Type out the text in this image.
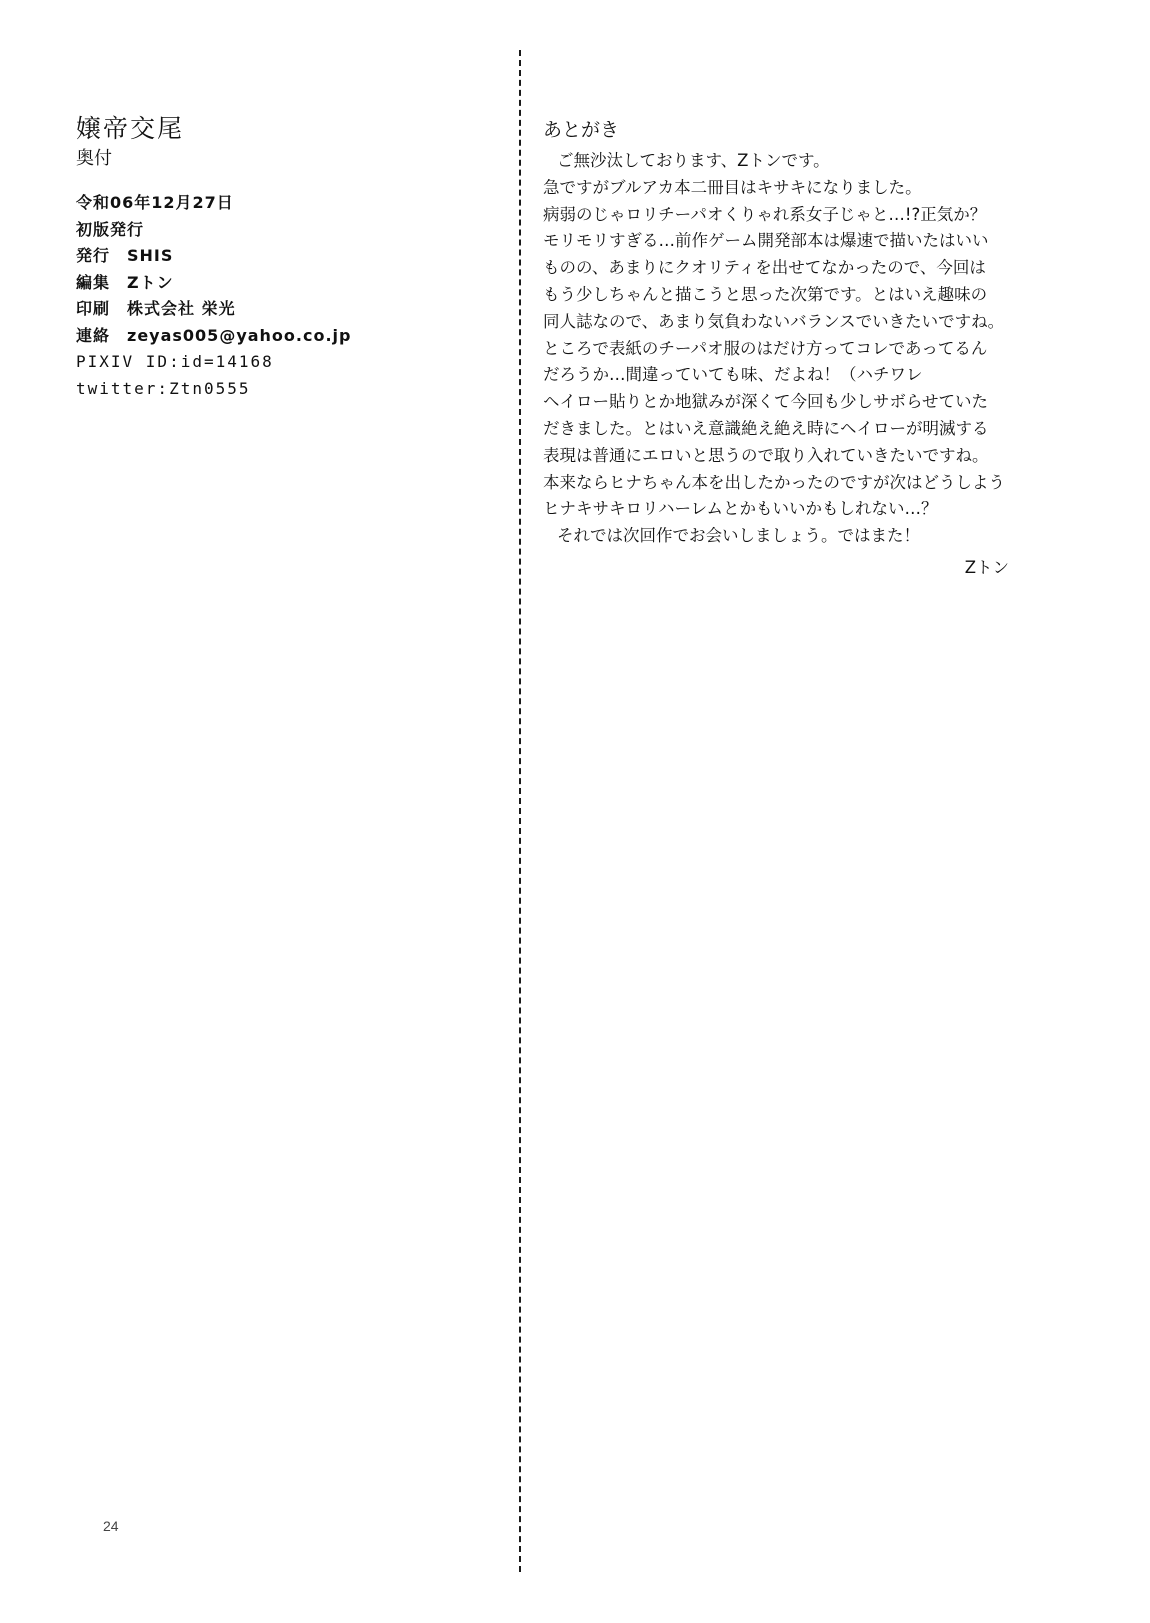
嬢帝交尾
奥付
令和06年12月27日
初版発行
発行　SHIS
編集　Zトン
印刷　株式会社 栄光
連絡　zeyas005@yahoo.co.jp
PIXIV ID:id=14168
twitter:Ztn0555
あとがき
ご無沙汰しております、Zトンです。
急ですがブルアカ本二冊目はキサキになりました。
病弱のじゃロリチーパオくりゃれ系女子じゃと…!?正気か？
モリモリすぎる…前作ゲーム開発部本は爆速で描いたはいい
ものの、あまりにクオリティを出せてなかったので、今回は
もう少しちゃんと描こうと思った次第です。とはいえ趣味の
同人誌なので、あまり気負わないバランスでいきたいですね。
ところで表紙のチーパオ服のはだけ方ってコレであってるん
だろうか…間違っていても味、だよね！（ハチワレ
ヘイロー貼りとか地獄みが深くて今回も少しサボらせていた
だきました。とはいえ意識絶え絶え時にヘイローが明滅する
表現は普通にエロいと思うので取り入れていきたいですね。
本来ならヒナちゃん本を出したかったのですが次はどうしよう
ヒナキサキロリハーレムとかもいいかもしれない…？
それでは次回作でお会いしましょう。ではまた！
Zトン
24
